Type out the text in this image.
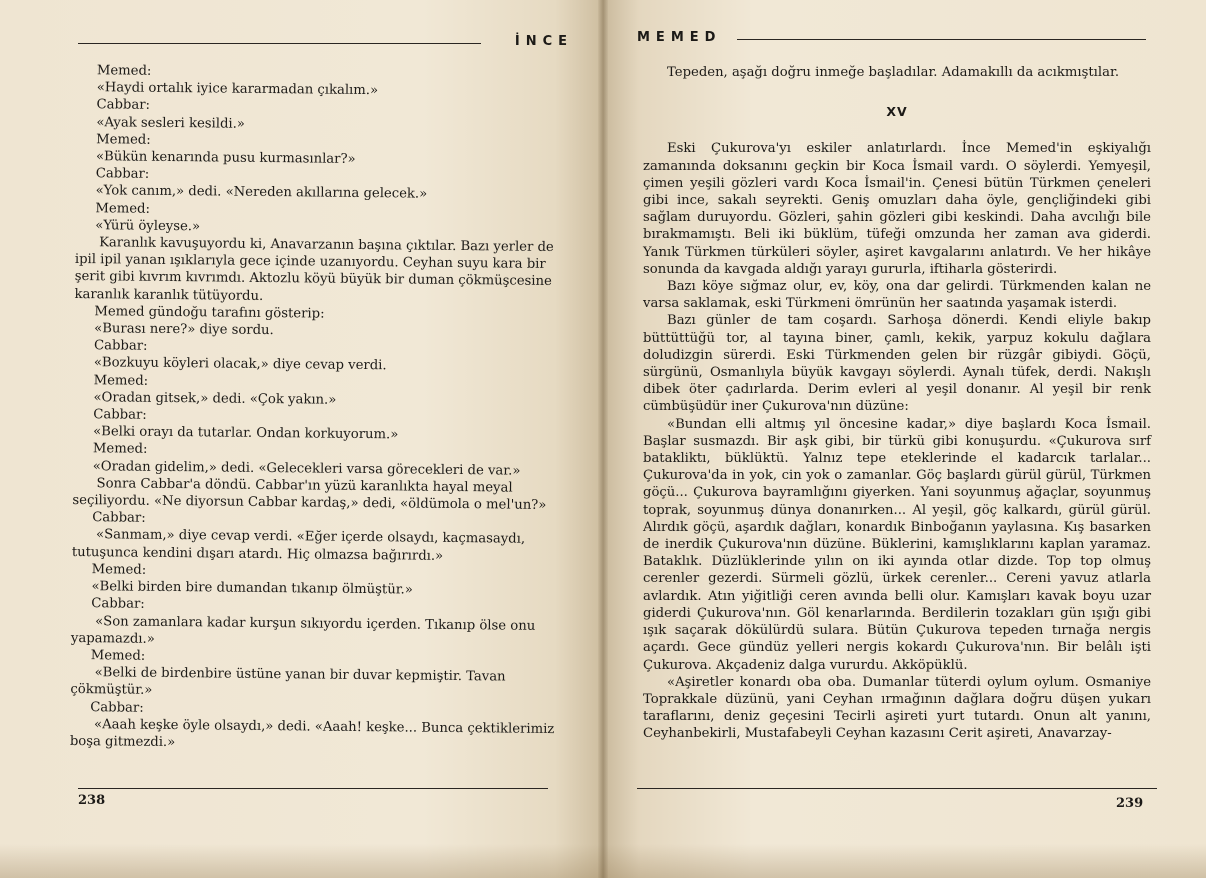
İNCE

Memed:

«Haydi ortalık iyice kararmadan çıkalım.»

Cabbar:

«Ayak sesleri kesildi.»

Memed:

«Bükün kenarında pusu kurmasınlar?»

Cabbar:

«Yok canım,» dedi. «Nereden akıllarına gelecek.»

Memed:

«Yürü öyleyse.»

Karanlık kavuşuyordu ki, Anavarzanın başına çıktılar. Bazı yerler de ipil ipil yanan ışıklarıyla gece içinde uzanıyordu. Ceyhan suyu kara bir şerit gibi kıvrım kıvrımdı. Aktozlu köyü büyük bir duman çökmüşcesine karanlık karanlık tütüyordu.

Memed gündoğu tarafını gösterip:

«Burası nere?» diye sordu.

Cabbar:

«Bozkuyu köyleri olacak,» diye cevap verdi.

Memed:

«Oradan gitsek,» dedi. «Çok yakın.»

Cabbar:

«Belki orayı da tutarlar. Ondan korkuyorum.»

Memed:

«Oradan gidelim,» dedi. «Gelecekleri varsa görecekleri de var.»

Sonra Cabbar'a döndü. Cabbar'ın yüzü karanlıkta hayal meyal seçiliyordu. «Ne diyorsun Cabbar kardaş,» dedi, «öldümola o mel'un?»

Cabbar:

«Sanmam,» diye cevap verdi. «Eğer içerde olsaydı, kaçmasaydı, tutuşunca kendini dışarı atardı. Hiç olmazsa bağırırdı.»

Memed:

«Belki birden bire dumandan tıkanıp ölmüştür.»

Cabbar:

«Son zamanlara kadar kurşun sıkıyordu içerden. Tıkanıp ölse onu yapamazdı.»

Memed:

«Belki de birdenbire üstüne yanan bir duvar kepmiştir. Tavan çökmüştür.»

Cabbar:

«Aaah keşke öyle olsaydı,» dedi. «Aaah! keşke... Bunca çektiklerimiz boşa gitmezdi.»

238
MEMED

Tepeden, aşağı doğru inmeğe başladılar. Adamakıllı da acıkmıştılar.

XV

Eski Çukurova'yı eskiler anlatırlardı. İnce Memed'in eşkiyalığı zamanında doksanını geçkin bir Koca İsmail vardı. O söylerdi. Yemyeşil, çimen yeşili gözleri vardı Koca İsmail'in. Çenesi bütün Türkmen çeneleri gibi ince, sakalı seyrekti. Geniş omuzları daha öyle, gençliğindeki gibi sağlam duruyordu. Gözleri, şahin gözleri gibi keskindi. Daha avcılığı bile bırakmamıştı. Beli iki büklüm, tüfeği omzunda her zaman ava giderdi. Yanık Türkmen türküleri söyler, aşiret kavgalarını anlatırdı. Ve her hikâye sonunda da kavgada aldığı yarayı gururla, iftiharla gösterirdi.

Bazı köye sığmaz olur, ev, köy, ona dar gelirdi. Türkmenden kalan ne varsa saklamak, eski Türkmeni ömrünün her saatında yaşamak isterdi.

Bazı günler de tam coşardı. Sarhoşa dönerdi. Kendi eliyle bakıp büttüttüğü tor, al tayına biner, çamlı, kekik, yarpuz kokulu dağlara doludizgin sürerdi. Eski Türkmenden gelen bir rüzgâr gibiydi. Göçü, sürgünü, Osmanlıyla büyük kavgayı söylerdi. Aynalı tüfek, derdi. Nakışlı dibek öter çadırlarda. Derim evleri al yeşil donanır. Al yeşil bir renk cümbüşüdür iner Çukurova'nın düzüne:

«Bundan elli altmış yıl öncesine kadar,» diye başlardı Koca İsmail. Başlar susmazdı. Bir aşk gibi, bir türkü gibi konuşurdu. «Çukurova sırf batakliktı, büklüktü. Yalnız tepe eteklerinde el kadarcık tarlalar... Çukurova'da in yok, cin yok o zamanlar. Göç başlardı gürül gürül, Türkmen göçü... Çukurova bayramlığını giyerken. Yani soyunmuş ağaçlar, soyunmuş toprak, soyunmuş dünya donanırken... Al yeşil, göç kalkardı, gürül gürül. Alırdık göçü, aşardık dağları, konardık Binboğanın yaylasına. Kış basarken de inerdik Çukurova'nın düzüne. Büklerini, kamışlıklarını kaplan yaramaz. Bataklık. Düzlüklerinde yılın on iki ayında otlar dizde. Top top olmuş cerenler gezerdi. Sürmeli gözlü, ürkek cerenler... Cereni yavuz atlarla avlardık. Atın yiğitliği ceren avında belli olur. Kamışları kavak boyu uzar giderdi Çukurova'nın. Göl kenarlarında. Berdilerin tozakları gün ışığı gibi ışık saçarak dökülürdü sulara. Bütün Çukurova tepeden tırnağa nergis açardı. Gece gündüz yelleri nergis kokardı Çukurova'nın. Bir belâlı işti Çukurova. Akçadeniz dalga vururdu. Akköpüklü.

«Aşiretler konardı oba oba. Dumanlar tüterdi oylum oylum. Osmaniye Toprakkale düzünü, yani Ceyhan ırmağının dağlara doğru düşen yukarı taraflarını, deniz geçesini Tecirli aşireti yurt tutardı. Onun alt yanını, Ceyhanbekirli, Mustafabeyli Ceyhan kazasını Cerit aşireti, Anavarzay-

239
